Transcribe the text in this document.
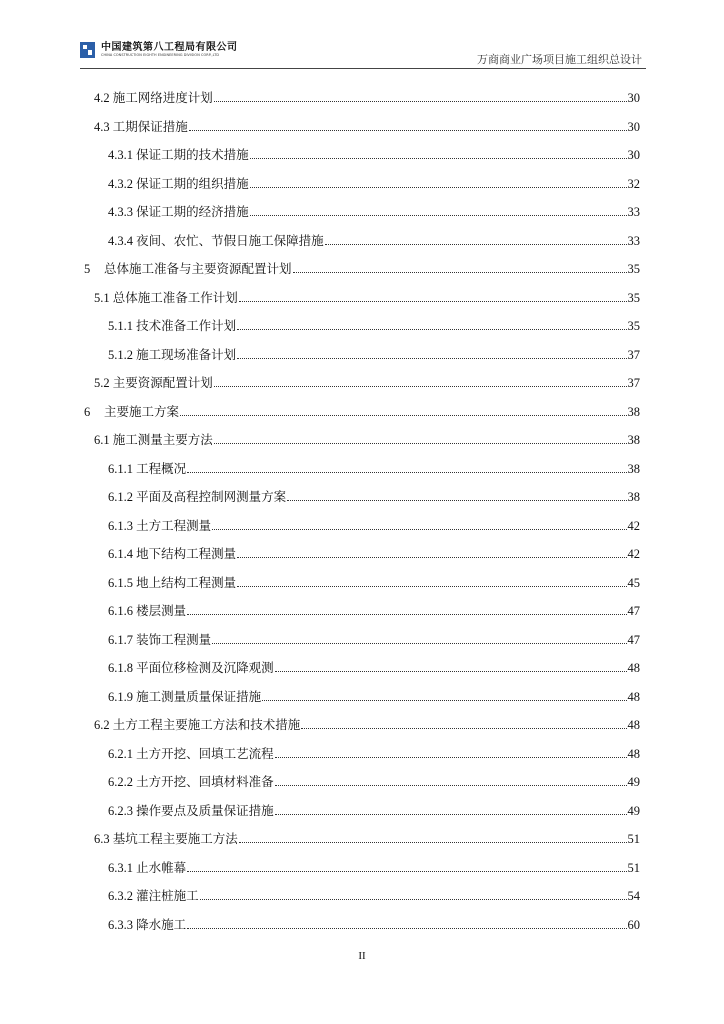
中国建筑第八工程局有限公司
CHINA CONSTRUCTION EIGHTH ENGINEERING DIVISION CORP.,LTD	万商商业广场项目施工组织总设计
4.2 施工网络进度计划	30
4.3 工期保证措施	30
4.3.1 保证工期的技术措施	30
4.3.2 保证工期的组织措施	32
4.3.3 保证工期的经济措施	33
4.3.4 夜间、农忙、节假日施工保障措施	33
5	总体施工准备与主要资源配置计划	35
5.1 总体施工准备工作计划	35
5.1.1 技术准备工作计划	35
5.1.2 施工现场准备计划	37
5.2 主要资源配置计划	37
6	主要施工方案	38
6.1 施工测量主要方法	38
6.1.1 工程概况	38
6.1.2 平面及高程控制网测量方案	38
6.1.3 土方工程测量	42
6.1.4 地下结构工程测量	42
6.1.5 地上结构工程测量	45
6.1.6 楼层测量	47
6.1.7 装饰工程测量	47
6.1.8 平面位移检测及沉降观测	48
6.1.9 施工测量质量保证措施	48
6.2 土方工程主要施工方法和技术措施	48
6.2.1 土方开挖、回填工艺流程	48
6.2.2 土方开挖、回填材料准备	49
6.2.3 操作要点及质量保证措施	49
6.3 基坑工程主要施工方法	51
6.3.1 止水帷幕	51
6.3.2 灌注桩施工	54
6.3.3 降水施工	60
II
